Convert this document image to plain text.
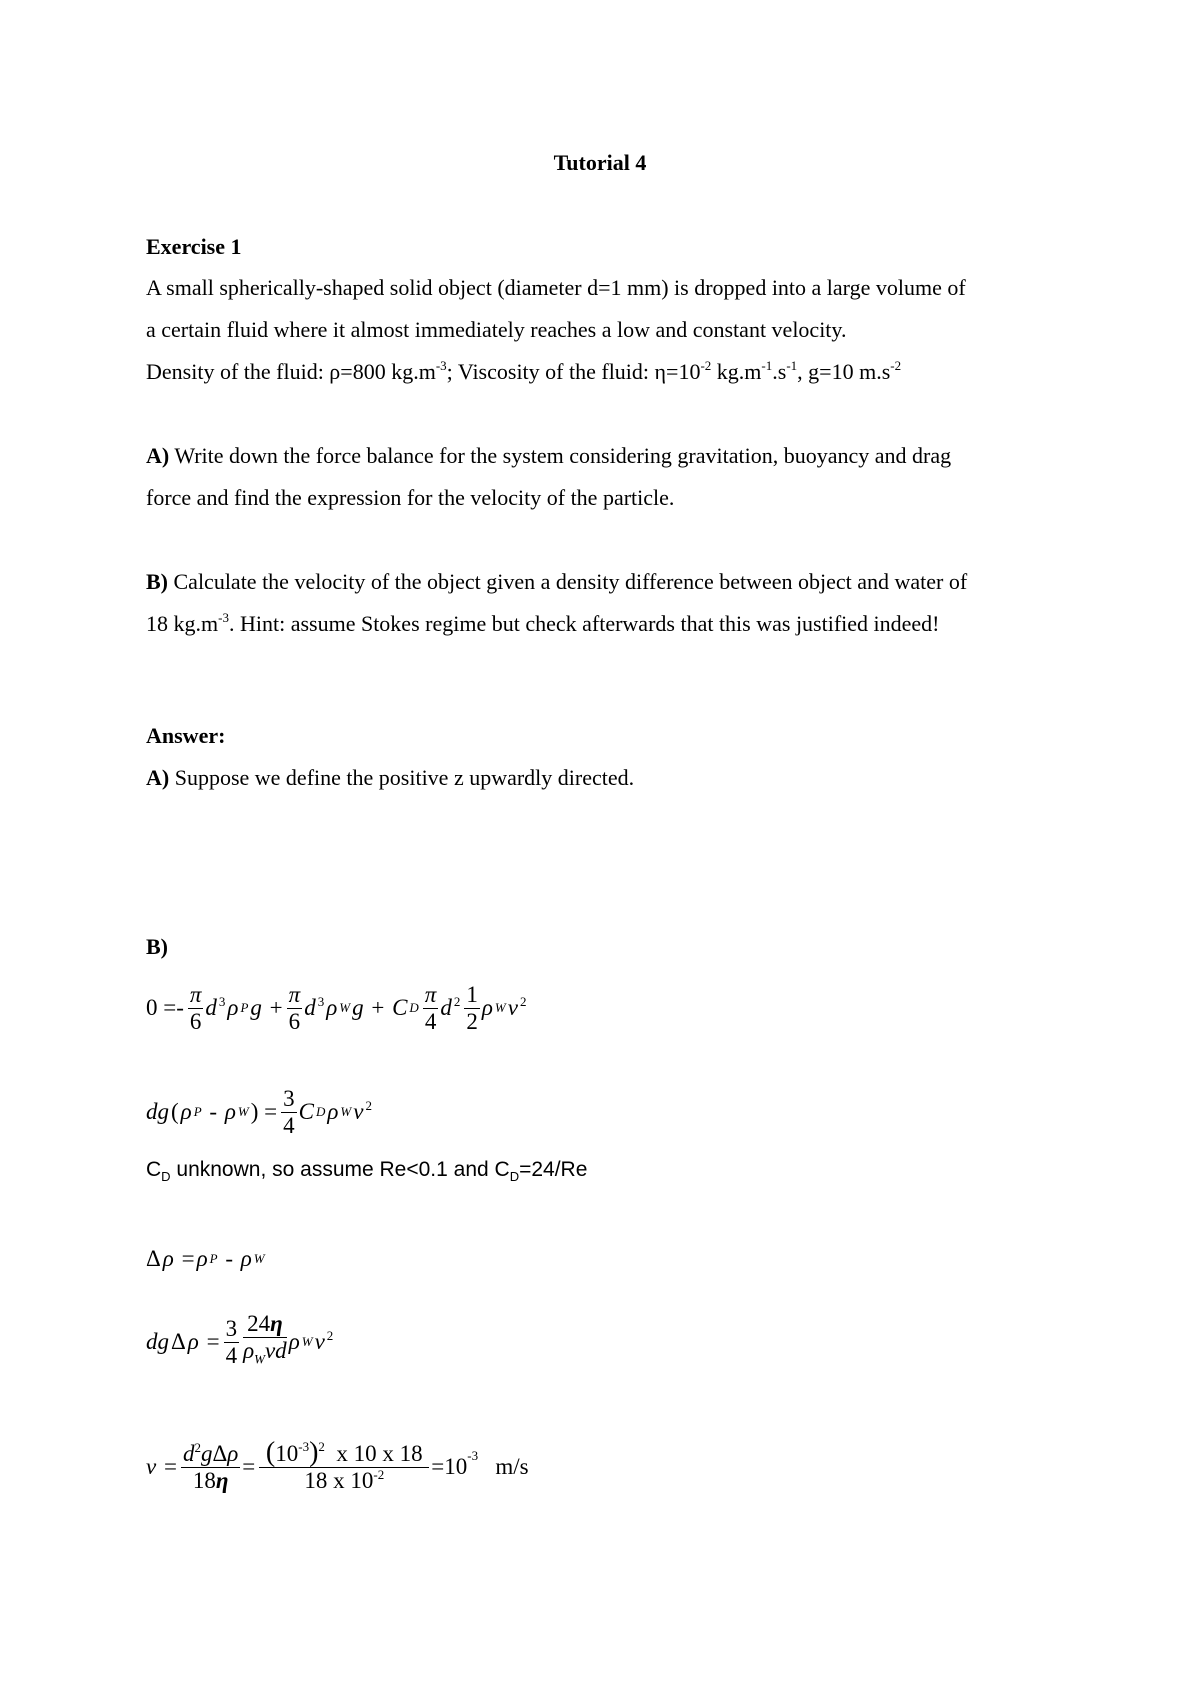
Tutorial 4
Exercise 1
A small spherically-shaped solid object (diameter d=1 mm) is dropped into a large volume of
a certain fluid where it almost immediately reaches a low and constant velocity.
Density of the fluid: ρ=800 $kg.m^{-3}$; Viscosity of the fluid: $\eta=10^{-2}$ $kg.m^{-1}.s^{-1}$, g=10 $m.s^{-2}$
A) Write down the force balance for the system considering gravitation, buoyancy and drag
force and find the expression for the velocity of the particle.
B) Calculate the velocity of the object given a density difference between object and water of
18 $kg.m^{-3}$. Hint: assume Stokes regime but check afterwards that this was justified indeed!
Answer:
A) Suppose we define the positive z upwardly directed.
B)
$0 =- \frac{\pi}{6} d^3$ ρ P $g + \frac{\pi}{6} d^3$ ρ W g + C D $\frac{\pi}{4} d^2 \frac{1}{2}$ ρ W $v^2$
dg ( ρ P - ρ W ) = $\frac{3}{4}$ C D ρ W $v^2$
$C_D$ unknown, so assume Re<0.1 and $C_D=24/Re$
Δ ρ = ρ P - ρ W
dg Δ $\rho = \frac{3}{4} \frac{24\eta}{\rho_Wvd}$ ρ W $v^2$
$v = \frac{d^2g\Delta\rho}{18\eta} = \frac{(10^{-3})^2 x 10 x 18}{18 x 10^{-2}} =10^{-3}$   m/s
